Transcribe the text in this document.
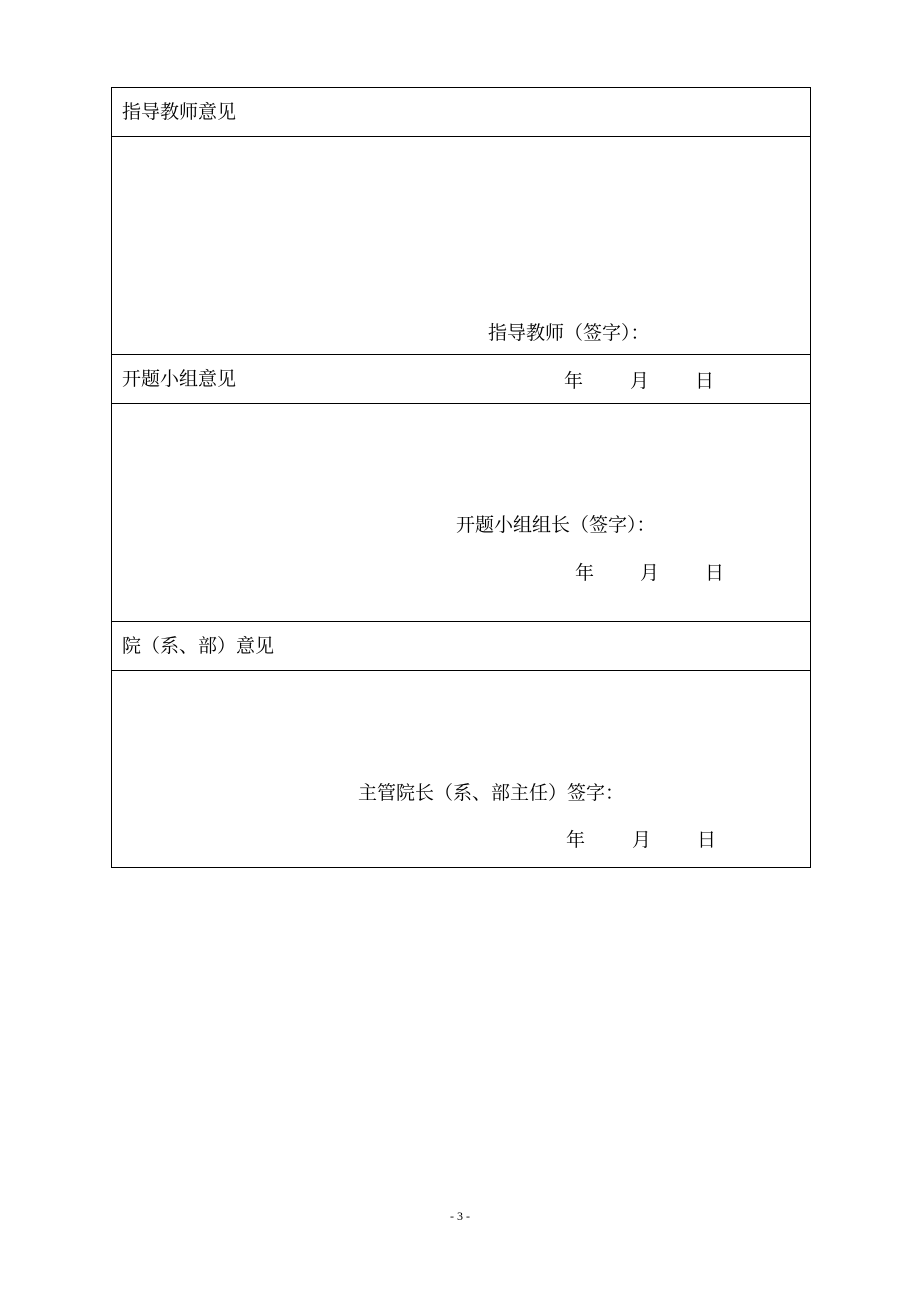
指导教师意见
指导教师（签字）：
年 月 日
开题小组意见
开题小组组长（签字）：
年 月 日
院（系、部）意见
主管院长（系、部主任）签字：
年 月 日
- 3 -
